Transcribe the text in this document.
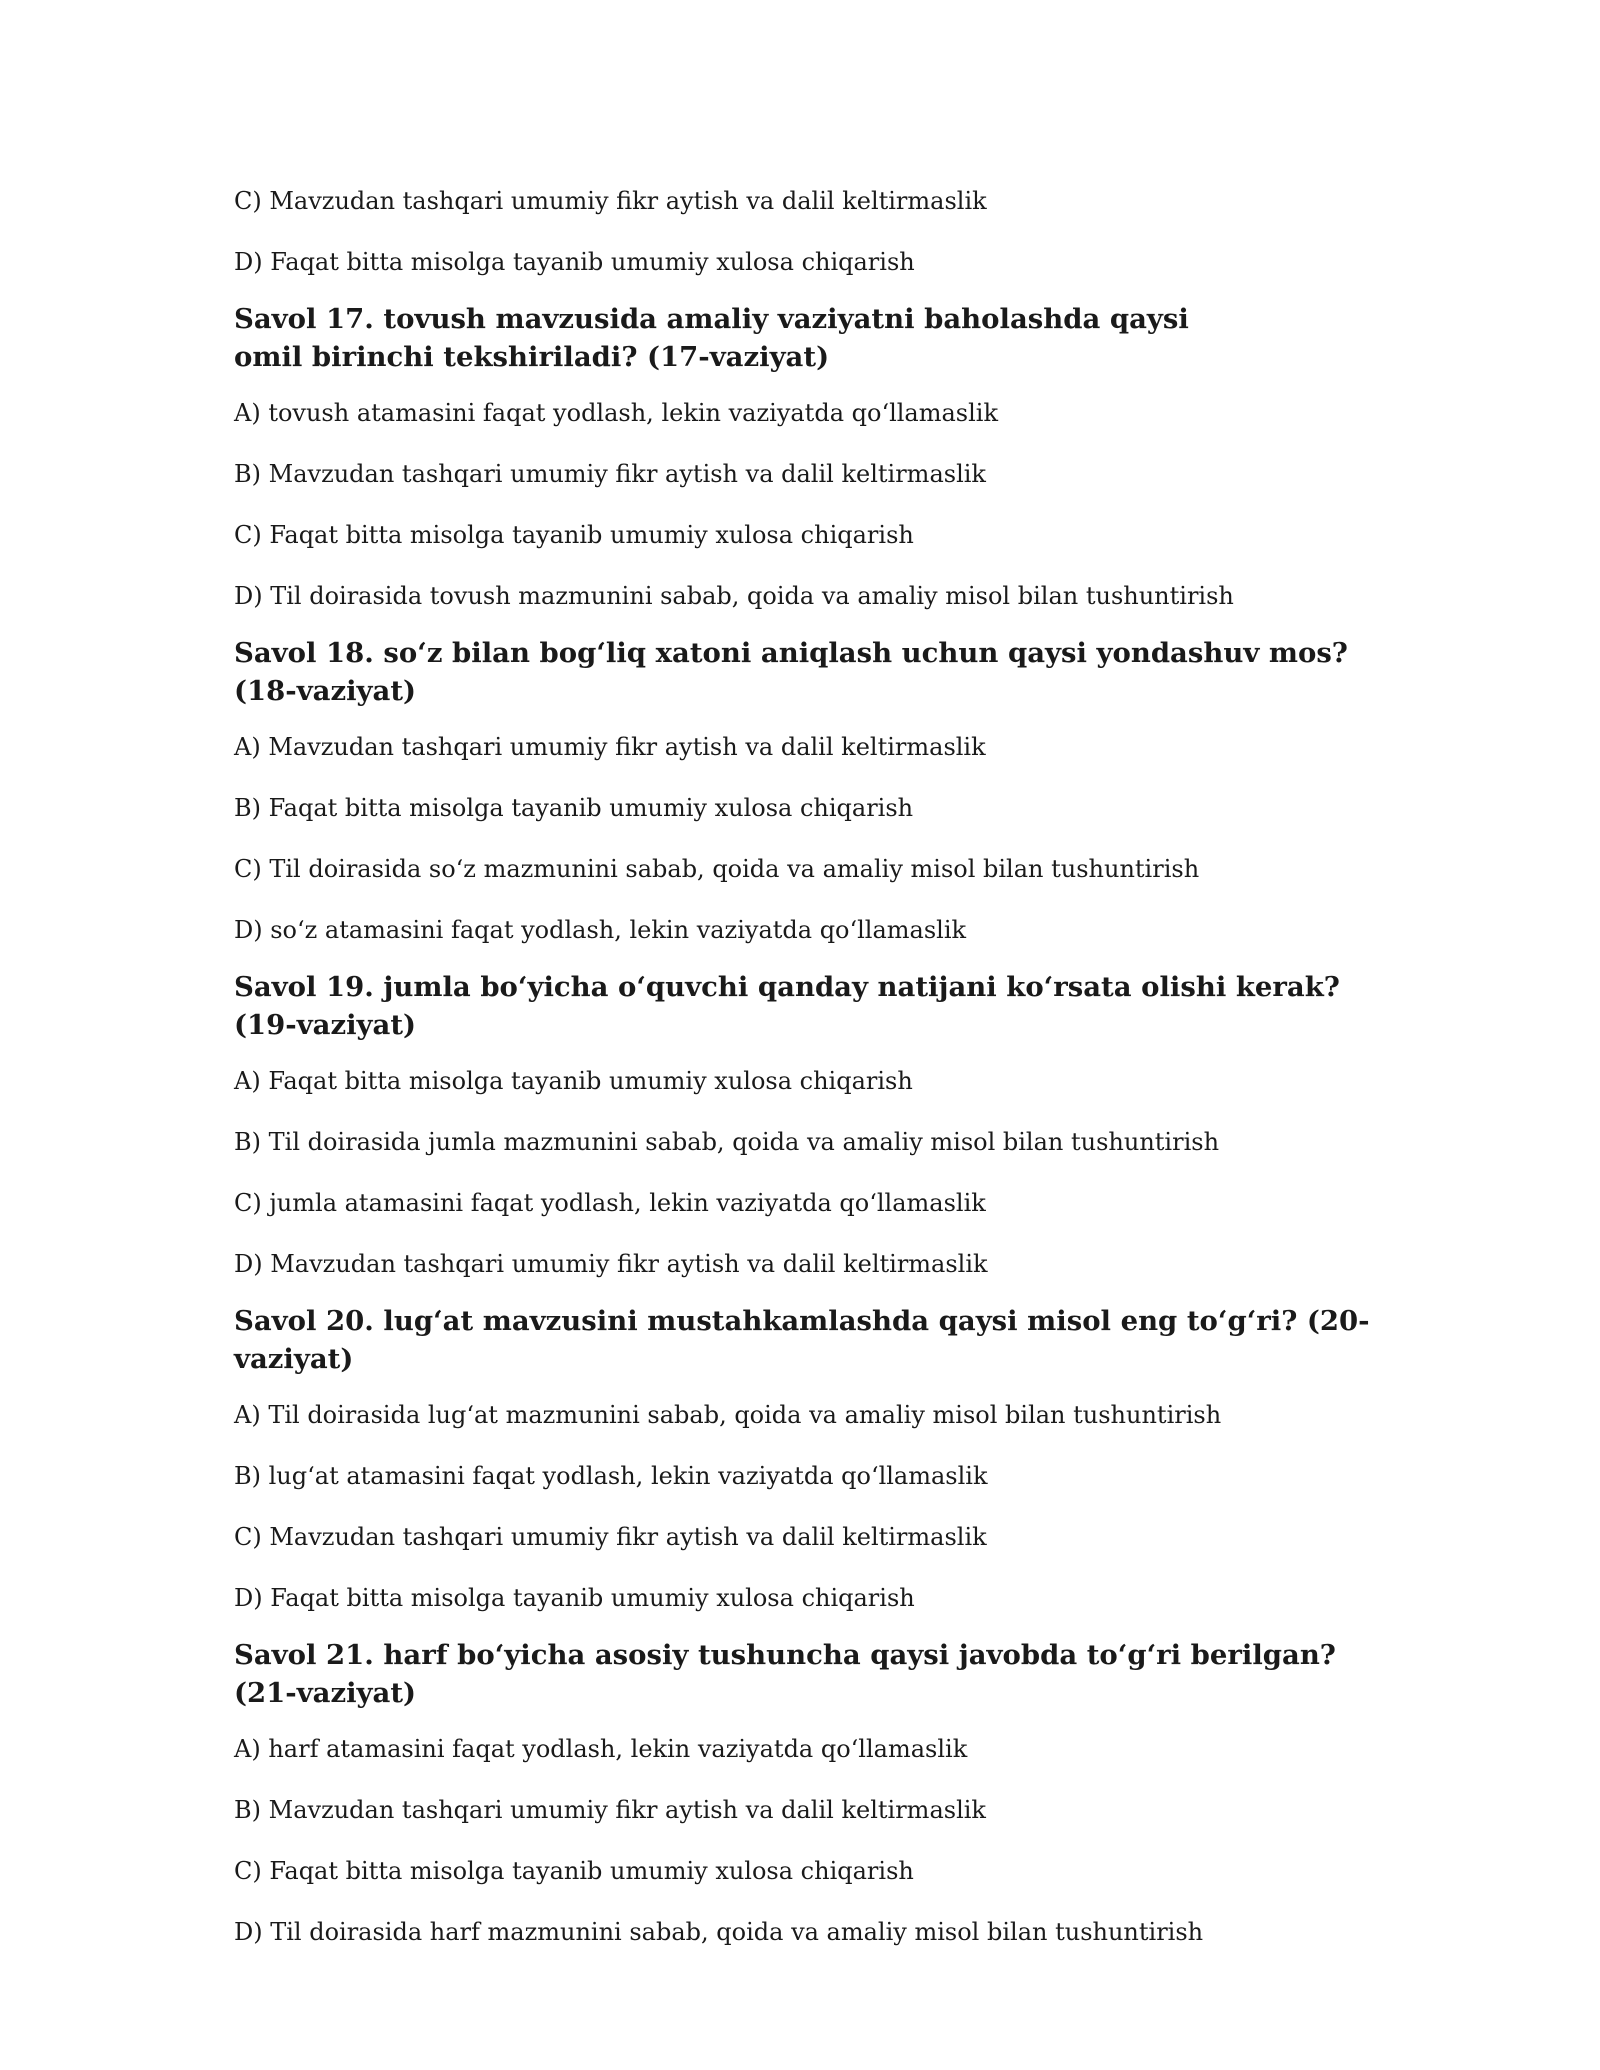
C) Mavzudan tashqari umumiy fikr aytish va dalil keltirmaslik
D) Faqat bitta misolga tayanib umumiy xulosa chiqarish
Savol 17. tovush mavzusida amaliy vaziyatni baholashda qaysi omil birinchi tekshiriladi? (17-vaziyat)
A) tovush atamasini faqat yodlash, lekin vaziyatda qo‘llamaslik
B) Mavzudan tashqari umumiy fikr aytish va dalil keltirmaslik
C) Faqat bitta misolga tayanib umumiy xulosa chiqarish
D) Til doirasida tovush mazmunini sabab, qoida va amaliy misol bilan tushuntirish
Savol 18. so‘z bilan bog‘liq xatoni aniqlash uchun qaysi yondashuv mos? (18-vaziyat)
A) Mavzudan tashqari umumiy fikr aytish va dalil keltirmaslik
B) Faqat bitta misolga tayanib umumiy xulosa chiqarish
C) Til doirasida so‘z mazmunini sabab, qoida va amaliy misol bilan tushuntirish
D) so‘z atamasini faqat yodlash, lekin vaziyatda qo‘llamaslik
Savol 19. jumla bo‘yicha o‘quvchi qanday natijani ko‘rsata olishi kerak? (19-vaziyat)
A) Faqat bitta misolga tayanib umumiy xulosa chiqarish
B) Til doirasida jumla mazmunini sabab, qoida va amaliy misol bilan tushuntirish
C) jumla atamasini faqat yodlash, lekin vaziyatda qo‘llamaslik
D) Mavzudan tashqari umumiy fikr aytish va dalil keltirmaslik
Savol 20. lug‘at mavzusini mustahkamlashda qaysi misol eng to‘g‘ri? (20-vaziyat)
A) Til doirasida lug‘at mazmunini sabab, qoida va amaliy misol bilan tushuntirish
B) lug‘at atamasini faqat yodlash, lekin vaziyatda qo‘llamaslik
C) Mavzudan tashqari umumiy fikr aytish va dalil keltirmaslik
D) Faqat bitta misolga tayanib umumiy xulosa chiqarish
Savol 21. harf bo‘yicha asosiy tushuncha qaysi javobda to‘g‘ri berilgan? (21-vaziyat)
A) harf atamasini faqat yodlash, lekin vaziyatda qo‘llamaslik
B) Mavzudan tashqari umumiy fikr aytish va dalil keltirmaslik
C) Faqat bitta misolga tayanib umumiy xulosa chiqarish
D) Til doirasida harf mazmunini sabab, qoida va amaliy misol bilan tushuntirish
